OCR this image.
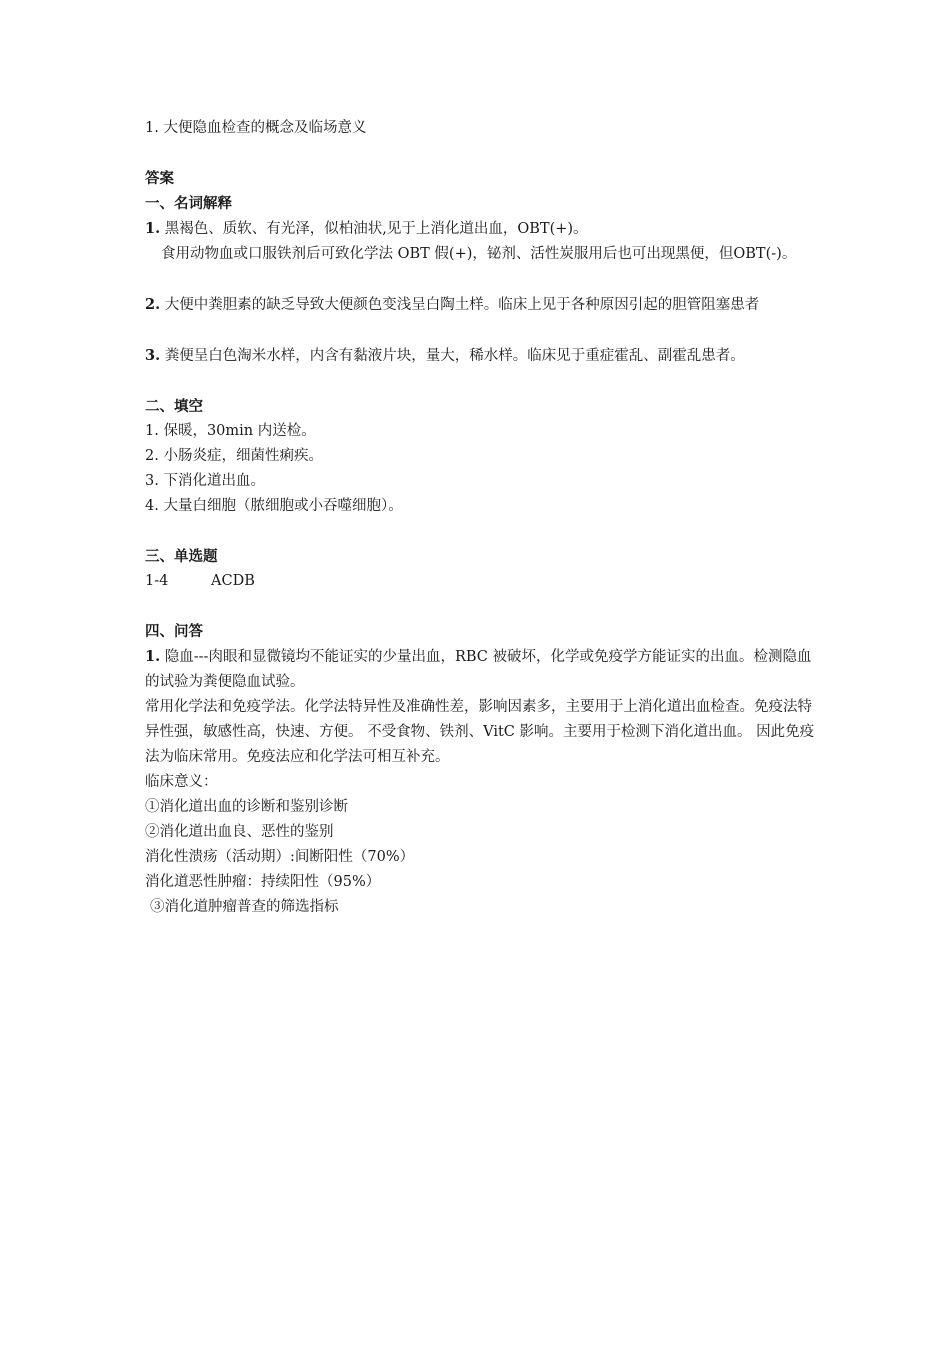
1. 大便隐血检查的概念及临场意义
答案
一、名词解释
1. 黑褐色、质软、有光泽，似柏油状,见于上消化道出血，OBT(+)。
食用动物血或口服铁剂后可致化学法 OBT 假(+)，铋剂、活性炭服用后也可出现黑便，但OBT(-)。
2. 大便中粪胆素的缺乏导致大便颜色变浅呈白陶土样。临床上见于各种原因引起的胆管阻塞患者
3. 粪便呈白色淘米水样，内含有黏液片块，量大，稀水样。临床见于重症霍乱、副霍乱患者。
二、填空
1. 保暖，30min 内送检。
2. 小肠炎症，细菌性痢疾。
3. 下消化道出血。
4. 大量白细胞（脓细胞或小吞噬细胞）。
三、单选题
1-4	ACDB
四、问答
1. 隐血---肉眼和显微镜均不能证实的少量出血，RBC 被破坏，化学或免疫学方能证实的出血。检测隐血的试验为粪便隐血试验。
常用化学法和免疫学法。化学法特异性及准确性差，影响因素多，主要用于上消化道出血检查。免疫法特异性强，敏感性高，快速、方便。 不受食物、铁剂、VitC 影响。主要用于检测下消化道出血。 因此免疫法为临床常用。免疫法应和化学法可相互补充。
临床意义：
①消化道出血的诊断和鉴别诊断
②消化道出血良、恶性的鉴别
消化性溃疡（活动期）:间断阳性（70%）
消化道恶性肿瘤：持续阳性（95%）
③消化道肿瘤普查的筛选指标
